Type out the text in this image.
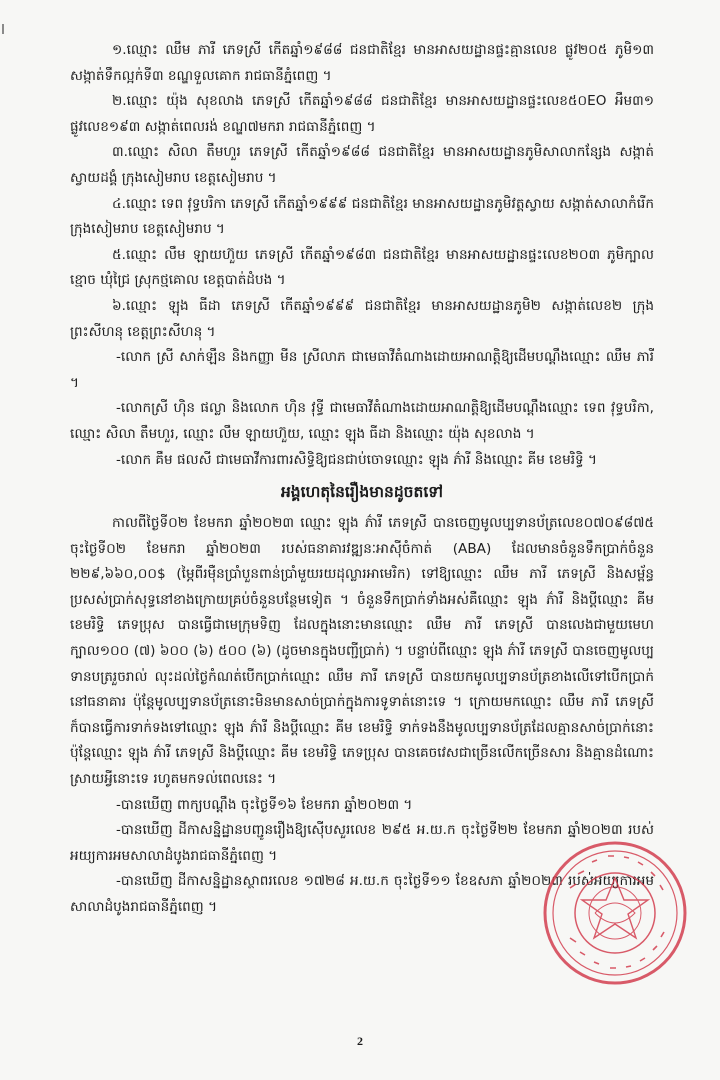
១.ឈ្មោះ ឈឹម ភារី ភេទស្រី កើតឆ្នាំ១៩៨៨ ជនជាតិខ្មែរ មានអាសយដ្ឋានផ្ទះគ្មានលេខ ផ្លូវ២០៥ ភូមិ១៣ សង្កាត់ទឹកល្អក់ទី៣ ខណ្ឌទួលគោក រាជធានីភ្នំពេញ ។

២.ឈ្មោះ យ៉ុង សុខលាង ភេទស្រី កើតឆ្នាំ១៩៨៨ ជនជាតិខ្មែរ មានអាសយដ្ឋានផ្ទះលេខ៥០EO អឹម៣១ ផ្លូវលេខ១៩៣ សង្កាត់ពេលរង់ ខណ្ឌ៧មករា រាជធានីភ្នំពេញ ។

៣.ឈ្មោះ សិលា តឹមហួរ ភេទស្រី កើតឆ្នាំ១៩៨៨ ជនជាតិខ្មែរ មានអាសយដ្ឋានភូមិសាលាកន្សែង សង្កាត់ស្វាយដង្គំ ក្រុងសៀមរាប ខេត្តសៀមរាប ។

៤.ឈ្មោះ ទេព វុទ្ធបរិកា ភេទស្រី កើតឆ្នាំ១៩៩៩ ជនជាតិខ្មែរ មានអាសយដ្ឋានភូមិវត្តស្វាយ សង្កាត់សាលាកំរើក ក្រុងសៀមរាប ខេត្តសៀមរាប ។

៥.ឈ្មោះ លឹម ឡាយហ៊ួយ ភេទស្រី កើតឆ្នាំ១៩៨៣ ជនជាតិខ្មែរ មានអាសយដ្ឋានផ្ទះលេខ២០៣ ភូមិក្បាលខ្មោច ឃុំជ្រៃ ស្រុកថ្មគោល ខេត្តបាត់ដំបង ។

៦.ឈ្មោះ ឡុង ធីដា ភេទស្រី កើតឆ្នាំ១៩៩៩ ជនជាតិខ្មែរ មានអាសយដ្ឋានភូមិ២ សង្កាត់លេខ២ ក្រុងព្រះសីហនុ ខេត្តព្រះសីហនុ ។

-លោក ស្រី សាក់ឡឹន និងកញ្ញា មីន ស្រីលាភ ជាមេធាវីតំណាងដោយអាណត្តិឱ្យដើមបណ្តឹងឈ្មោះ ឈឹម ភារី ។

-លោកស្រី ហ៊ិន ផល្លា និងលោក ហ៊ិន វុទ្ធី ជាមេធាវីតំណាងដោយអាណត្តិឱ្យដើមបណ្តឹងឈ្មោះ ទេព វុទ្ធបរិកា, ឈ្មោះ សិលា តឹមហួរ, ឈ្មោះ លឹម ឡាយហ៊ួយ, ឈ្មោះ ឡុង ធីដា និងឈ្មោះ យ៉ុង សុខលាង ។

-លោក គឹម ផលសី ជាមេធាវីការពារសិទ្ធិឱ្យជនជាប់ចោទឈ្មោះ ឡុង ភ៌ារី និងឈ្មោះ គីម ខេមរិទ្ធិ ។

អង្គហេតុនៃរឿងមានដូចតទៅ

កាលពីថ្ងៃទី០២ ខែមករា ឆ្នាំ២០២៣ ឈ្មោះ ឡុង ភ៌ារី ភេទស្រី បានចេញមូលប្បទានប័ត្រលេខ០៧០៩៨៧៥ ចុះថ្ងៃទី០២ ខែមករា ឆ្នាំ២០២៣ របស់ធនាគារវឌ្ឍនៈអាស៊ីចំកាត់ (ABA) ដែលមានចំនួនទឹកប្រាក់ចំនួន ២២៩,៦៦០,០០$ (ម្ភៃពីរម៉ឺនប្រាំបួនពាន់ប្រាំមួយរយដុល្លារអាមេរិក) ទៅឱ្យឈ្មោះ ឈឹម ភារី ភេទស្រី និងសម្ព័ន្ធប្រសស់ប្រាក់សុទ្ធនៅខាងក្រោយគ្រប់ចំនួនបន្ថែមទៀត ។ ចំនួនទឹកប្រាក់ទាំងអស់គឺឈ្មោះ ឡុង ភ៌ារី និងប្តីឈ្មោះ គីម ខេមរិទ្ធិ ភេទប្រុស បានធ្វើជាមេក្រុមទិញ ដែលក្នុងនោះមានឈ្មោះ ឈឹម ភារី ភេទស្រី បានលេងជាមួយមេហ ក្បាល១០០ (៧) ៦០០ (៦) ៥០០ (៦) (ដូចមានក្នុងបញ្ជីប្រាក់) ។ បន្ទាប់ពីឈ្មោះ ឡុង ភ៌ារី ភេទស្រី បានចេញមូលប្បទានបត្ររួចរាល់ លុះដល់ថ្ងៃកំណត់បើកប្រាក់ឈ្មោះ ឈឹម ភារី ភេទស្រី បានយកមូលប្បទានប័ត្រខាងលើទៅបើកប្រាក់នៅធនាគារ ប៉ុន្តែមូលប្បទានប័ត្រនោះមិនមានសាច់ប្រាក់ក្នុងការទូទាត់នោះទេ ។ ក្រោយមកឈ្មោះ ឈឹម ភារី ភេទស្រី ក៏បានធ្វើការទាក់ទងទៅឈ្មោះ ឡុង ភ៌ារី និងប្តីឈ្មោះ គីម ខេមរិទ្ធិ ទាក់ទងនឹងមូលប្បទានប័ត្រដែលគ្មានសាច់ប្រាក់នោះ ប៉ុន្តែឈ្មោះ ឡុង ភ៌ារី ភេទស្រី និងប្តីឈ្មោះ គីម ខេមរិទ្ធិ ភេទប្រុស បានគេចវេសជាច្រើនលើកច្រើនសារ និងគ្មានដំណោះស្រាយអ្វីនោះទេ រហូតមកទល់ពេលនេះ ។

-បានឃើញ ពាក្យបណ្តឹង ចុះថ្ងៃទី១៦ ខែមករា ឆ្នាំ២០២៣ ។

-បានឃើញ ដីកាសន្និដ្ឋានបញ្ជូនរឿងឱ្យស៊ើបសួរលេខ ២៩៥ អ.យ.ក ចុះថ្ងៃទី២២ ខែមករា ឆ្នាំ២០២៣ របស់អយ្យការអមសាលាដំបូងរាជធានីភ្នំពេញ ។

-បានឃើញ ដីកាសន្និដ្ឋានស្ថាពរលេខ ១៧២៨ អ.យ.ក ចុះថ្ងៃទី១១ ខែឧសភា ឆ្នាំ២០២៣ របស់អយ្យការអមសាលាដំបូងរាជធានីភ្នំពេញ ។

2
